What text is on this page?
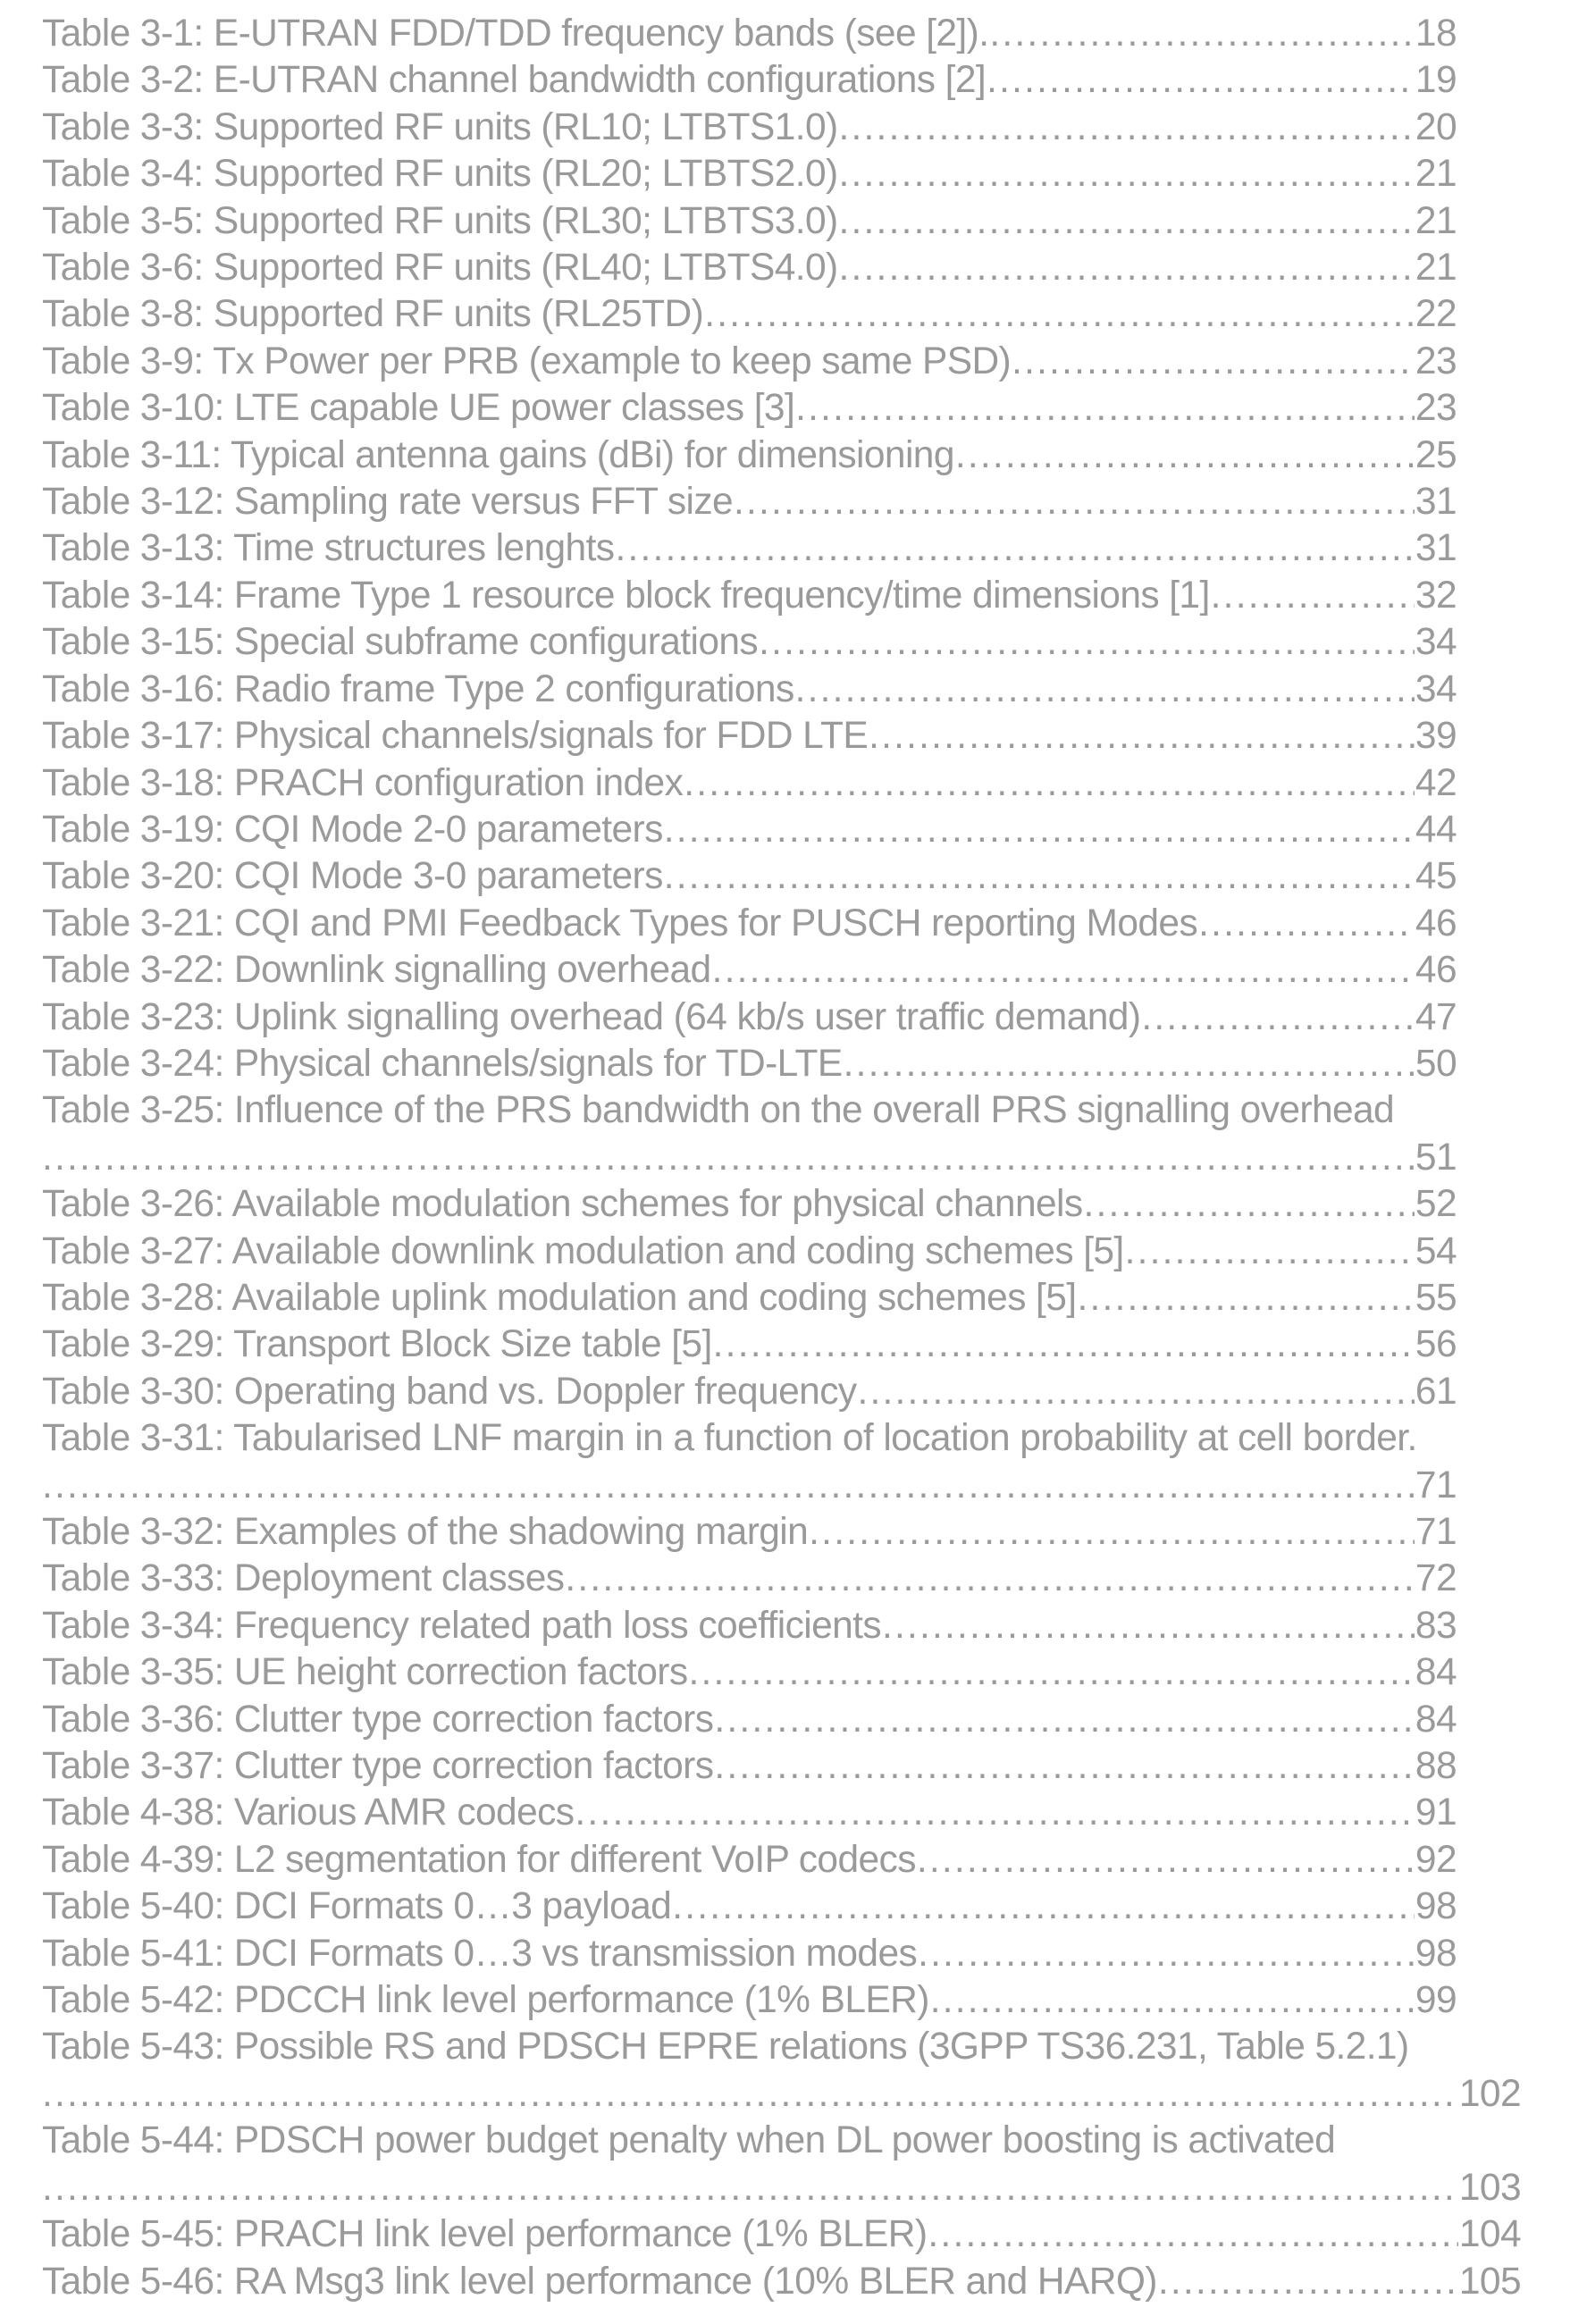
Table 3-1: E-UTRAN FDD/TDD frequency bands (see [2]). .....	18
Table 3-2: E-UTRAN channel bandwidth configurations [2] .....	19
Table 3-3: Supported RF units (RL10; LTBTS1.0) .....	20
Table 3-4: Supported RF units (RL20; LTBTS2.0) .....	21
Table 3-5: Supported RF units (RL30; LTBTS3.0) .....	21
Table 3-6: Supported RF units (RL40; LTBTS4.0) .....	21
Table 3-8: Supported RF units (RL25TD) .....	22
Table 3-9: Tx Power per PRB (example to keep same PSD) .....	23
Table 3-10: LTE capable UE power classes [3] .....	23
Table 3-11: Typical antenna gains (dBi) for dimensioning .....	25
Table 3-12: Sampling rate versus FFT size .....	31
Table 3-13: Time structures lenghts .....	31
Table 3-14: Frame Type 1 resource block frequency/time dimensions [1] .....	32
Table 3-15: Special subframe configurations .....	34
Table 3-16: Radio frame Type 2 configurations .....	34
Table 3-17: Physical channels/signals for FDD LTE .....	39
Table 3-18: PRACH configuration index .....	42
Table 3-19: CQI Mode 2-0 parameters .....	44
Table 3-20: CQI Mode 3-0 parameters .....	45
Table 3-21: CQI and PMI Feedback Types for PUSCH reporting Modes .....	46
Table 3-22: Downlink signalling overhead .....	46
Table 3-23: Uplink signalling overhead (64 kb/s user traffic demand) .....	47
Table 3-24: Physical channels/signals for TD-LTE .....	50
Table 3-25: Influence of the PRS bandwidth on the overall PRS signalling overhead
.....
51
Table 3-26: Available modulation schemes for physical channels .....	52
Table 3-27: Available downlink modulation and coding schemes [5] .....	54
Table 3-28: Available uplink modulation and coding schemes [5] .....	55
Table 3-29: Transport Block Size table [5] .....	56
Table 3-30: Operating band vs. Doppler frequency .....	61
Table 3-31: Tabularised LNF margin in a function of location probability at cell border.
.....
71
Table 3-32: Examples of the shadowing margin .....	71
Table 3-33: Deployment classes .....	72
Table 3-34: Frequency related path loss coefficients .....	83
Table 3-35: UE height correction factors .....	84
Table 3-36: Clutter type correction factors .....	84
Table 3-37: Clutter type correction factors .....	88
Table 4-38: Various AMR codecs .....	91
Table 4-39: L2 segmentation for different VoIP codecs .....	92
Table 5-40: DCI Formats 0…3 payload .....	98
Table 5-41: DCI Formats 0…3 vs transmission modes .....	98
Table 5-42: PDCCH link level performance (1% BLER) .....	99
Table 5-43: Possible RS and PDSCH EPRE relations (3GPP TS36.231, Table 5.2.1)
.....
102
Table 5-44: PDSCH power budget penalty when DL power boosting is activated
.....
103
Table 5-45: PRACH link level performance (1% BLER) .....	104
Table 5-46: RA Msg3 link level performance (10% BLER and HARQ) .....	105
